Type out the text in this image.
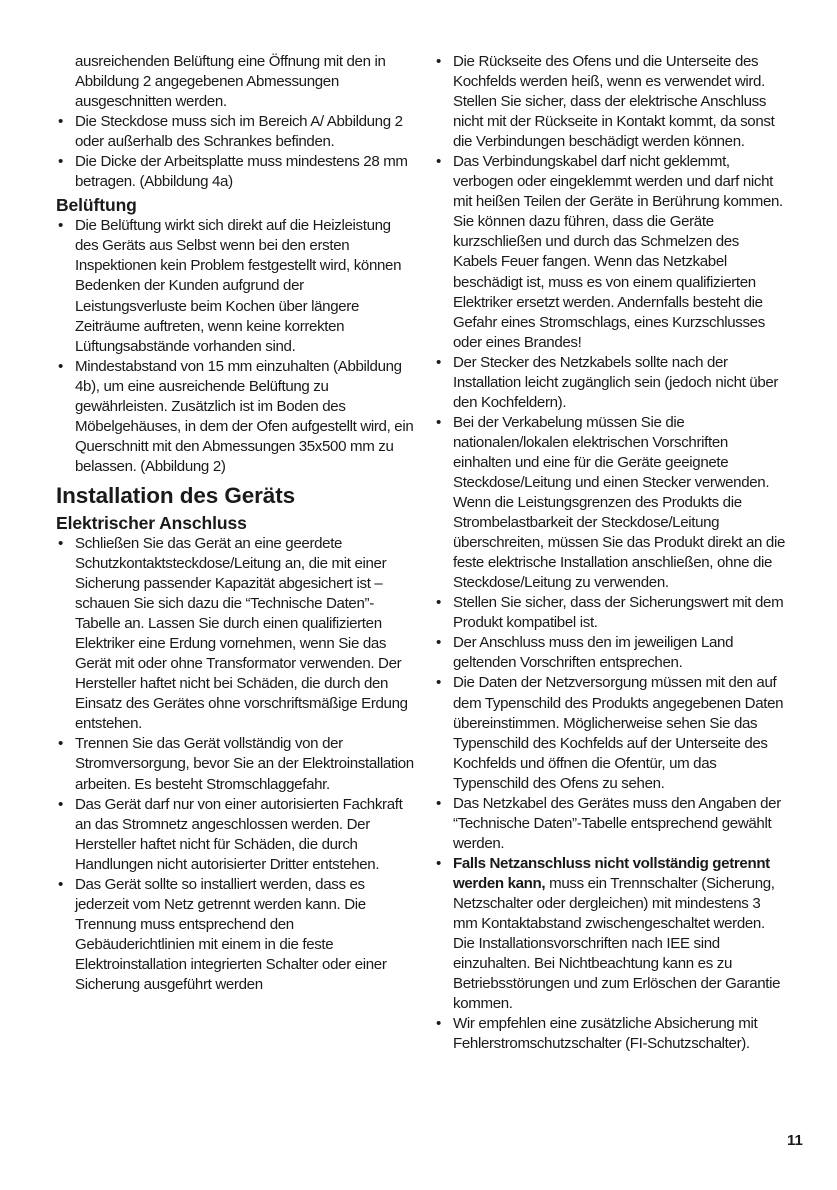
ausreichenden Belüftung eine Öffnung mit den in Abbildung 2 angegebenen Abmessungen ausgeschnitten werden.

• Die Steckdose muss sich im Bereich A/ Abbildung 2 oder außerhalb des Schrankes befinden.

• Die Dicke der Arbeitsplatte muss mindestens 28 mm betragen. (Abbildung 4a)

Belüftung

• Die Belüftung wirkt sich direkt auf die Heizleistung des Geräts aus Selbst wenn bei den ersten Inspektionen kein Problem festgestellt wird, können Bedenken der Kunden aufgrund der Leistungsverluste beim Kochen über längere Zeiträume auftreten, wenn keine korrekten Lüftungsabstände vorhanden sind.

• Mindestabstand von 15 mm einzuhalten (Abbildung 4b), um eine ausreichende Belüftung zu gewährleisten. Zusätzlich ist im Boden des Möbelgehäuses, in dem der Ofen aufgestellt wird, ein Querschnitt mit den Abmessungen 35x500 mm zu belassen. (Abbildung 2)

Installation des Geräts
Elektrischer Anschluss

• Schließen Sie das Gerät an eine geerdete Schutzkontaktsteckdose/Leitung an, die mit einer Sicherung passender Kapazität abgesichert ist – schauen Sie sich dazu die “Technische Daten”-Tabelle an. Lassen Sie durch einen qualifizierten Elektriker eine Erdung vornehmen, wenn Sie das Gerät mit oder ohne Transformator verwenden. Der Hersteller haftet nicht bei Schäden, die durch den Einsatz des Gerätes ohne vorschriftsmäßige Erdung entstehen.

• Trennen Sie das Gerät vollständig von der Stromversorgung, bevor Sie an der Elektroinstallation arbeiten. Es besteht Stromschlaggefahr.

• Das Gerät darf nur von einer autorisierten Fachkraft an das Stromnetz angeschlossen werden. Der Hersteller haftet nicht für Schäden, die durch Handlungen nicht autorisierter Dritter entstehen.

• Das Gerät sollte so installiert werden, dass es jederzeit vom Netz getrennt werden kann. Die Trennung muss entsprechend den Gebäuderichtlinien mit einem in die feste Elektroinstallation integrierten Schalter oder einer Sicherung ausgeführt werden

• Die Rückseite des Ofens und die Unterseite des Kochfelds werden heiß, wenn es verwendet wird. Stellen Sie sicher, dass der elektrische Anschluss nicht mit der Rückseite in Kontakt kommt, da sonst die Verbindungen beschädigt werden können.

• Das Verbindungskabel darf nicht geklemmt, verbogen oder eingeklemmt werden und darf nicht mit heißen Teilen der Geräte in Berührung kommen. Sie können dazu führen, dass die Geräte kurzschließen und durch das Schmelzen des Kabels Feuer fangen. Wenn das Netzkabel beschädigt ist, muss es von einem qualifizierten Elektriker ersetzt werden. Andernfalls besteht die Gefahr eines Stromschlags, eines Kurzschlusses oder eines Brandes!

• Der Stecker des Netzkabels sollte nach der Installation leicht zugänglich sein (jedoch nicht über den Kochfeldern).

• Bei der Verkabelung müssen Sie die nationalen/lokalen elektrischen Vorschriften einhalten und eine für die Geräte geeignete Steckdose/Leitung und einen Stecker verwenden. Wenn die Leistungsgrenzen des Produkts die Strombelastbarkeit der Steckdose/Leitung überschreiten, müssen Sie das Produkt direkt an die feste elektrische Installation anschließen, ohne die Steckdose/Leitung zu verwenden.

• Stellen Sie sicher, dass der Sicherungswert mit dem Produkt kompatibel ist.

• Der Anschluss muss den im jeweiligen Land geltenden Vorschriften entsprechen.

• Die Daten der Netzversorgung müssen mit den auf dem Typenschild des Produkts angegebenen Daten übereinstimmen. Möglicherweise sehen Sie das Typenschild des Kochfelds auf der Unterseite des Kochfelds und öffnen die Ofentür, um das Typenschild des Ofens zu sehen.

• Das Netzkabel des Gerätes muss den Angaben der “Technische Daten”-Tabelle entsprechend gewählt werden.

• Falls Netzanschluss nicht vollständig getrennt werden kann, muss ein Trennschalter (Sicherung, Netzschalter oder dergleichen) mit mindestens 3 mm Kontaktabstand zwischengeschaltet werden. Die Installationsvorschriften nach IEE sind einzuhalten. Bei Nichtbeachtung kann es zu Betriebsstörungen und zum Erlöschen der Garantie kommen.

• Wir empfehlen eine zusätzliche Absicherung mit Fehlerstromschutzschalter (FI-Schutzschalter).

11
